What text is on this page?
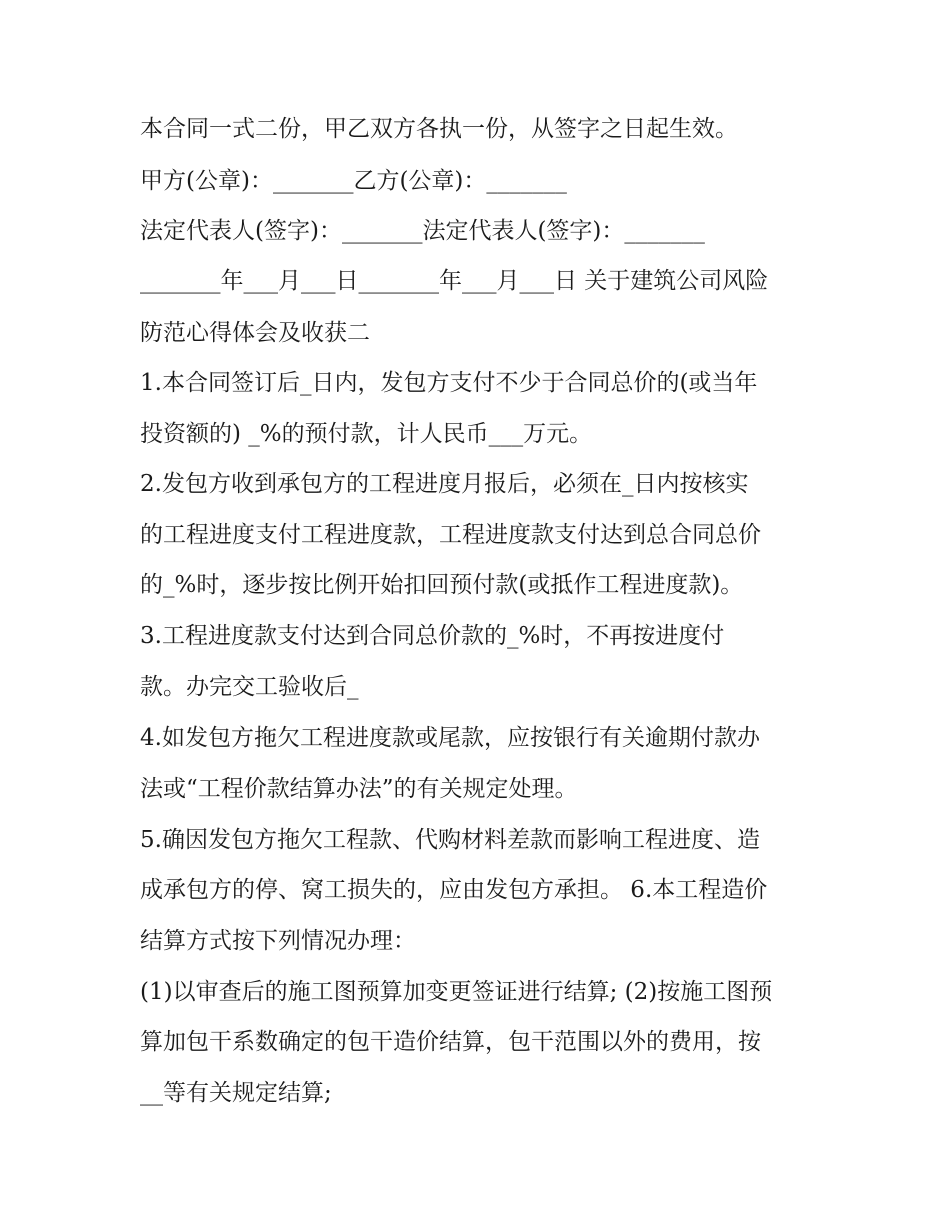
本合同一式二份，甲乙双方各执一份，从签字之日起生效。
甲方(公章)：_______乙方(公章)：_______
法定代表人(签字)：_______法定代表人(签字)：_______
_______年___月___日_______年___月___日 关于建筑公司风险
防范心得体会及收获二
1.本合同签订后_日内，发包方支付不少于合同总价的(或当年
投资额的) _%的预付款，计人民币___万元。
2.发包方收到承包方的工程进度月报后，必须在_日内按核实
的工程进度支付工程进度款，工程进度款支付达到总合同总价
的_%时，逐步按比例开始扣回预付款(或抵作工程进度款)。
3.工程进度款支付达到合同总价款的_%时，不再按进度付
款。办完交工验收后_
4.如发包方拖欠工程进度款或尾款，应按银行有关逾期付款办
法或“工程价款结算办法”的有关规定处理。
5.确因发包方拖欠工程款、代购材料差款而影响工程进度、造
成承包方的停、窝工损失的，应由发包方承担。 6.本工程造价
结算方式按下列情况办理：
(1)以审查后的施工图预算加变更签证进行结算; (2)按施工图预
算加包干系数确定的包干造价结算，包干范围以外的费用，按
__等有关规定结算;
